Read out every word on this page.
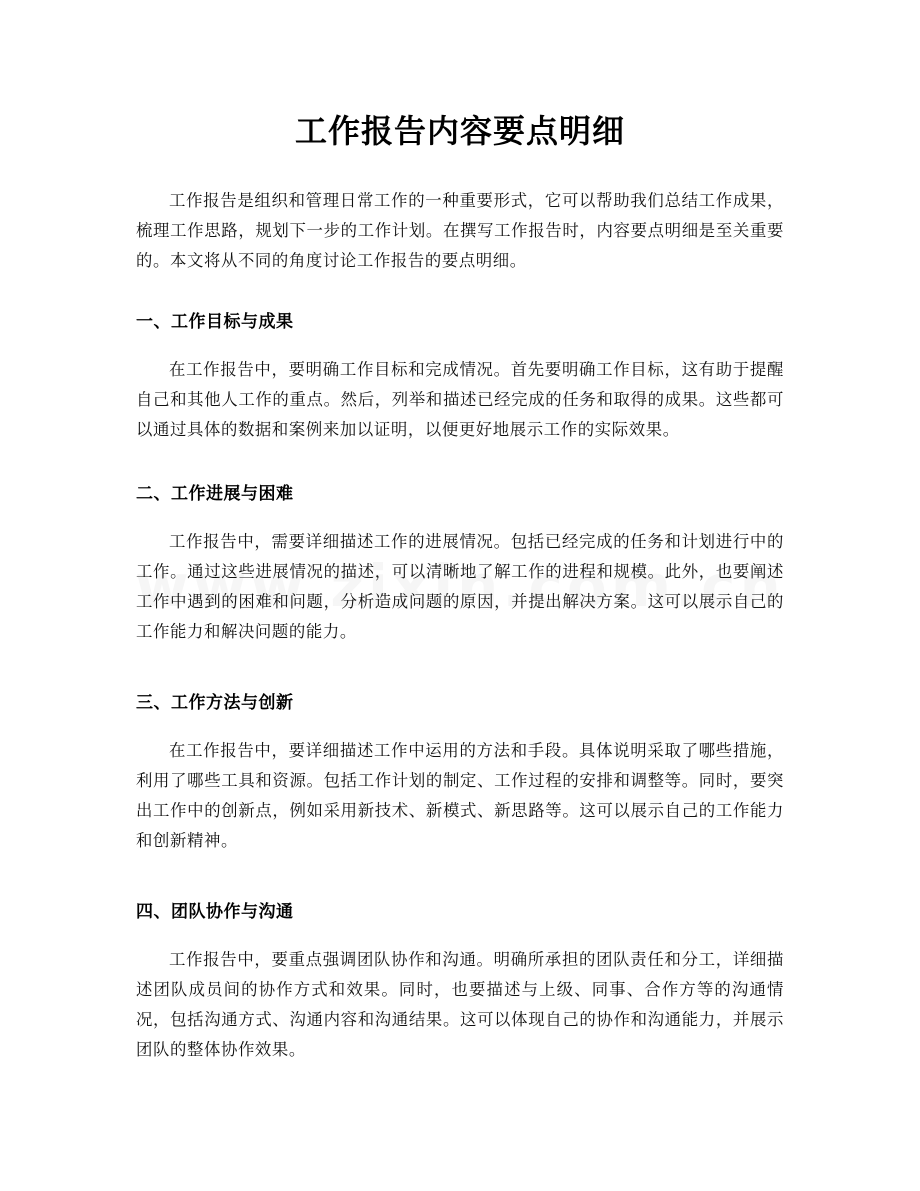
工作报告内容要点明细

工作报告是组织和管理日常工作的一种重要形式，它可以帮助我们总结工作成果，梳理工作思路，规划下一步的工作计划。在撰写工作报告时，内容要点明细是至关重要的。本文将从不同的角度讨论工作报告的要点明细。

一、工作目标与成果

在工作报告中，要明确工作目标和完成情况。首先要明确工作目标，这有助于提醒自己和其他人工作的重点。然后，列举和描述已经完成的任务和取得的成果。这些都可以通过具体的数据和案例来加以证明，以便更好地展示工作的实际效果。

二、工作进展与困难

工作报告中，需要详细描述工作的进展情况。包括已经完成的任务和计划进行中的工作。通过这些进展情况的描述，可以清晰地了解工作的进程和规模。此外，也要阐述工作中遇到的困难和问题，分析造成问题的原因，并提出解决方案。这可以展示自己的工作能力和解决问题的能力。

三、工作方法与创新

在工作报告中，要详细描述工作中运用的方法和手段。具体说明采取了哪些措施，利用了哪些工具和资源。包括工作计划的制定、工作过程的安排和调整等。同时，要突出工作中的创新点，例如采用新技术、新模式、新思路等。这可以展示自己的工作能力和创新精神。

四、团队协作与沟通

工作报告中，要重点强调团队协作和沟通。明确所承担的团队责任和分工，详细描述团队成员间的协作方式和效果。同时，也要描述与上级、同事、合作方等的沟通情况，包括沟通方式、沟通内容和沟通结果。这可以体现自己的协作和沟通能力，并展示团队的整体协作效果。
